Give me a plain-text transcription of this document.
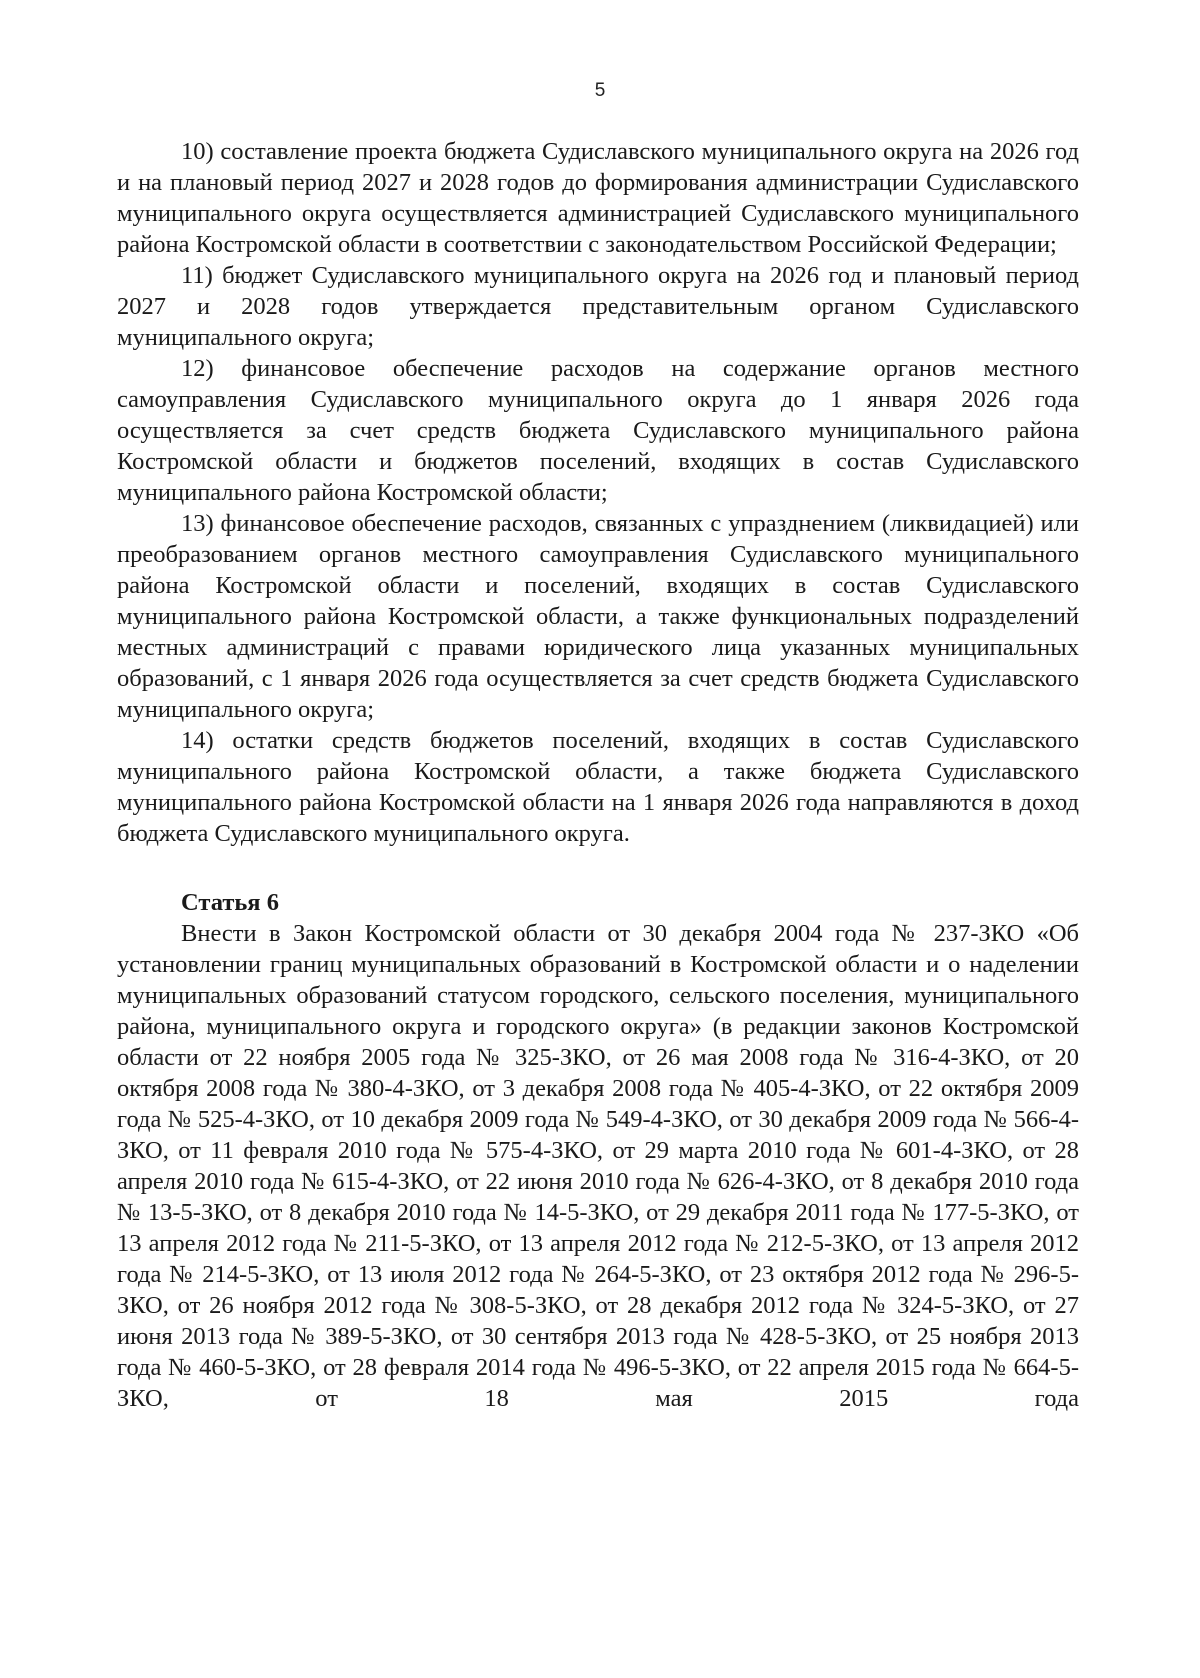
5

10) составление проекта бюджета Судиславского муниципального округа на 2026 год и на плановый период 2027 и 2028 годов до формирования администрации Судиславского муниципального округа осуществляется администрацией Судиславского муниципального района Костромской области в соответствии с законодательством Российской Федерации;

11) бюджет Судиславского муниципального округа на 2026 год и плановый период 2027 и 2028 годов утверждается представительным органом Судиславского муниципального округа;

12) финансовое обеспечение расходов на содержание органов местного самоуправления Судиславского муниципального округа до 1 января 2026 года осуществляется за счет средств бюджета Судиславского муниципального района Костромской области и бюджетов поселений, входящих в состав Судиславского муниципального района Костромской области;

13) финансовое обеспечение расходов, связанных с упразднением (ликвидацией) или преобразованием органов местного самоуправления Судиславского муниципального района Костромской области и поселений, входящих в состав Судиславского муниципального района Костромской области, а также функциональных подразделений местных администраций с правами юридического лица указанных муниципальных образований, с 1 января 2026 года осуществляется за счет средств бюджета Судиславского муниципального округа;

14) остатки средств бюджетов поселений, входящих в состав Судиславского муниципального района Костромской области, а также бюджета Судиславского муниципального района Костромской области на 1 января 2026 года направляются в доход бюджета Судиславского муниципального округа.

Статья 6

Внести в Закон Костромской области от 30 декабря 2004 года № 237-ЗКО «Об установлении границ муниципальных образований в Костромской области и о наделении муниципальных образований статусом городского, сельского поселения, муниципального района, муниципального округа и городского округа» (в редакции законов Костромской области от 22 ноября 2005 года № 325-ЗКО, от 26 мая 2008 года № 316-4-ЗКО, от 20 октября 2008 года № 380-4-ЗКО, от 3 декабря 2008 года № 405-4-ЗКО, от 22 октября 2009 года № 525-4-ЗКО, от 10 декабря 2009 года № 549-4-ЗКО, от 30 декабря 2009 года № 566-4-ЗКО, от 11 февраля 2010 года № 575-4-ЗКО, от 29 марта 2010 года № 601-4-ЗКО, от 28 апреля 2010 года № 615-4-ЗКО, от 22 июня 2010 года № 626-4-ЗКО, от 8 декабря 2010 года № 13-5-ЗКО, от 8 декабря 2010 года № 14-5-ЗКО, от 29 декабря 2011 года № 177-5-ЗКО, от 13 апреля 2012 года № 211-5-ЗКО, от 13 апреля 2012 года № 212-5-ЗКО, от 13 апреля 2012 года № 214-5-ЗКО, от 13 июля 2012 года № 264-5-ЗКО, от 23 октября 2012 года № 296-5-ЗКО, от 26 ноября 2012 года № 308-5-ЗКО, от 28 декабря 2012 года № 324-5-ЗКО, от 27 июня 2013 года № 389-5-ЗКО, от 30 сентября 2013 года № 428-5-ЗКО, от 25 ноября 2013 года № 460-5-ЗКО, от 28 февраля 2014 года № 496-5-ЗКО, от 22 апреля 2015 года № 664-5-ЗКО, от 18 мая 2015 года
